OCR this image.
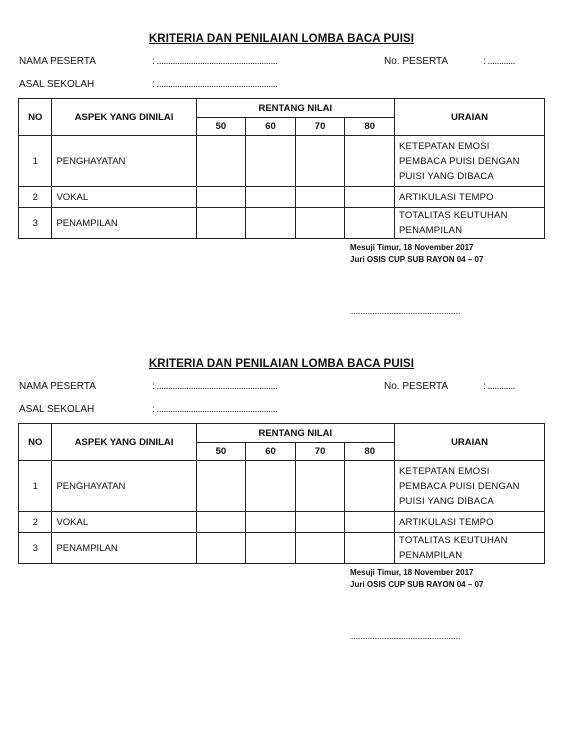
KRITERIA DAN PENILAIAN LOMBA BACA PUISI
NAMA PESERTA	: .....................................................	No. PESERTA	: ............
ASAL SEKOLAH	: .....................................................
NO	ASPEK YANG DINILAI	RENTANG NILAI				URAIAN
		50	60	70	80	
1	PENGHAYATAN					KETEPATAN EMOSI
PEMBACA PUISI DENGAN
PUISI YANG DIBACA

2	VOKAL					ARTIKULASI TEMPO

3	PENAMPILAN					TOTALITAS KEUTUHAN
PENAMPILAN
Mesuji Timur, 18 November 2017
Juri OSIS CUP SUB RAYON 04 – 07
................................................................
KRITERIA DAN PENILAIAN LOMBA BACA PUISI
NAMA PESERTA	: .....................................................	No. PESERTA	: ............
ASAL SEKOLAH	: .....................................................
NO	ASPEK YANG DINILAI	RENTANG NILAI				URAIAN
		50	60	70	80	
1	PENGHAYATAN					KETEPATAN EMOSI
PEMBACA PUISI DENGAN
PUISI YANG DIBACA

2	VOKAL					ARTIKULASI TEMPO

3	PENAMPILAN					TOTALITAS KEUTUHAN
PENAMPILAN
Mesuji Timur, 18 November 2017
Juri OSIS CUP SUB RAYON 04 – 07
................................................................
